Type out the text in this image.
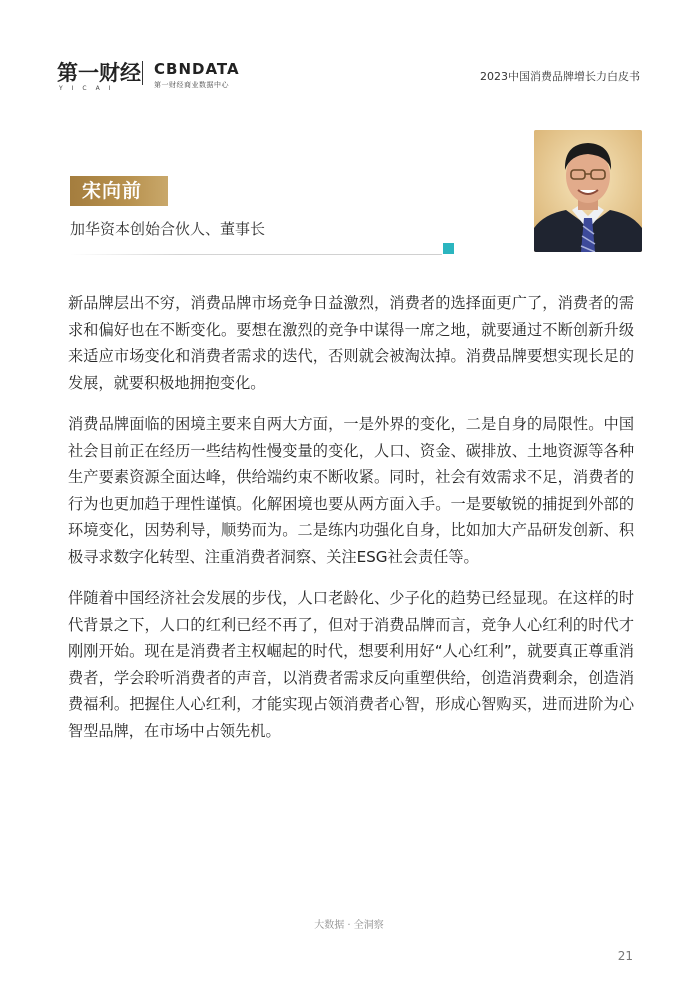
第一财经
YICAI
CBNDATA
第一财经商业数据中心
2023中国消费品牌增长力白皮书
宋向前
加华资本创始合伙人、董事长

新品牌层出不穷，消费品牌市场竞争日益激烈，消费者的选择面更广了，消费者的需求和偏好也在不断变化。要想在激烈的竞争中谋得一席之地，就要通过不断创新升级来适应市场变化和消费者需求的迭代，否则就会被淘汰掉。消费品牌要想实现长足的发展，就要积极地拥抱变化。

消费品牌面临的困境主要来自两大方面，一是外界的变化，二是自身的局限性。中国社会目前正在经历一些结构性慢变量的变化，人口、资金、碳排放、土地资源等各种生产要素资源全面达峰，供给端约束不断收紧。同时，社会有效需求不足，消费者的行为也更加趋于理性谨慎。化解困境也要从两方面入手。一是要敏锐的捕捉到外部的环境变化，因势利导，顺势而为。二是练内功强化自身，比如加大产品研发创新、积极寻求数字化转型、注重消费者洞察、关注ESG社会责任等。

伴随着中国经济社会发展的步伐，人口老龄化、少子化的趋势已经显现。在这样的时代背景之下，人口的红利已经不再了，但对于消费品牌而言，竞争人心红利的时代才刚刚开始。现在是消费者主权崛起的时代，想要利用好“人心红利”，就要真正尊重消费者，学会聆听消费者的声音，以消费者需求反向重塑供给，创造消费剩余，创造消费福利。把握住人心红利，才能实现占领消费者心智，形成心智购买，进而进阶为心智型品牌，在市场中占领先机。

大数据 · 全洞察
21
